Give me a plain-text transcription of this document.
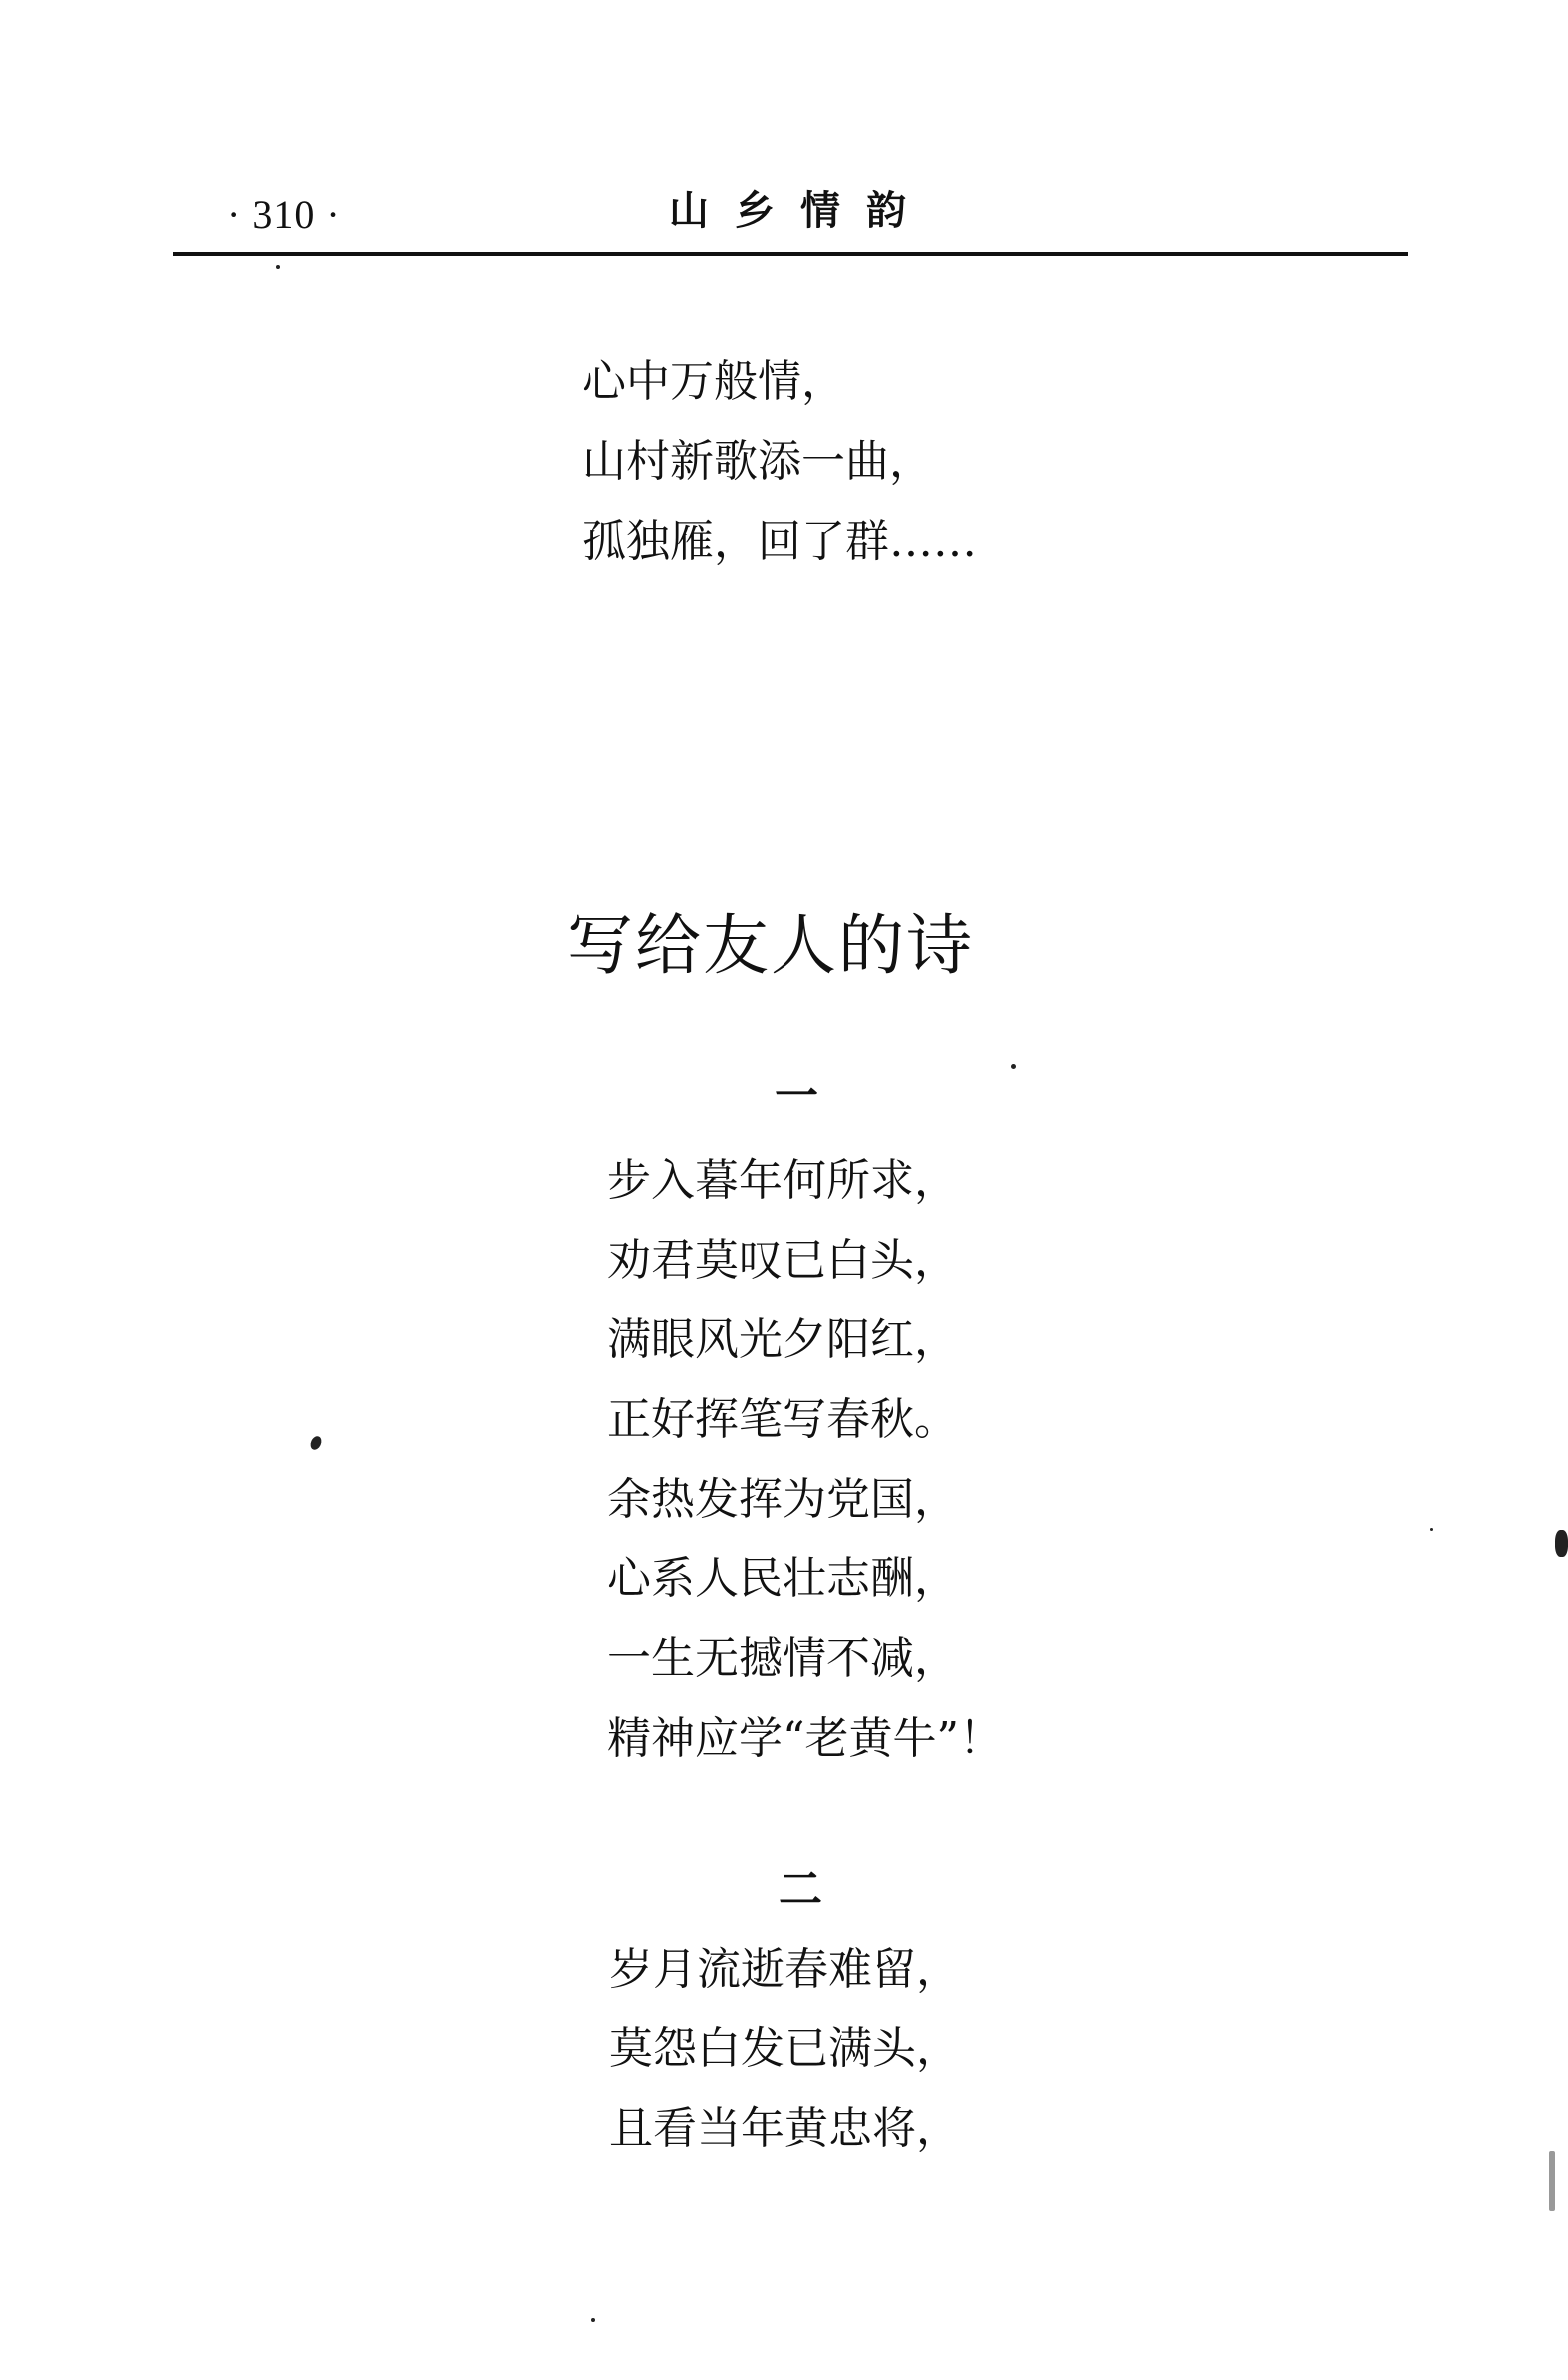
· 310 ·	山乡情韵
心中万般情，
山村新歌添一曲，
孤独雁，回了群……
写给友人的诗
一
步入暮年何所求，
劝君莫叹已白头，
满眼风光夕阳红，
正好挥笔写春秋。
余热发挥为党国，
心系人民壮志酬，
一生无撼情不减，
精神应学“老黄牛”！
二
岁月流逝春难留，
莫怨白发已满头，
且看当年黄忠将，
